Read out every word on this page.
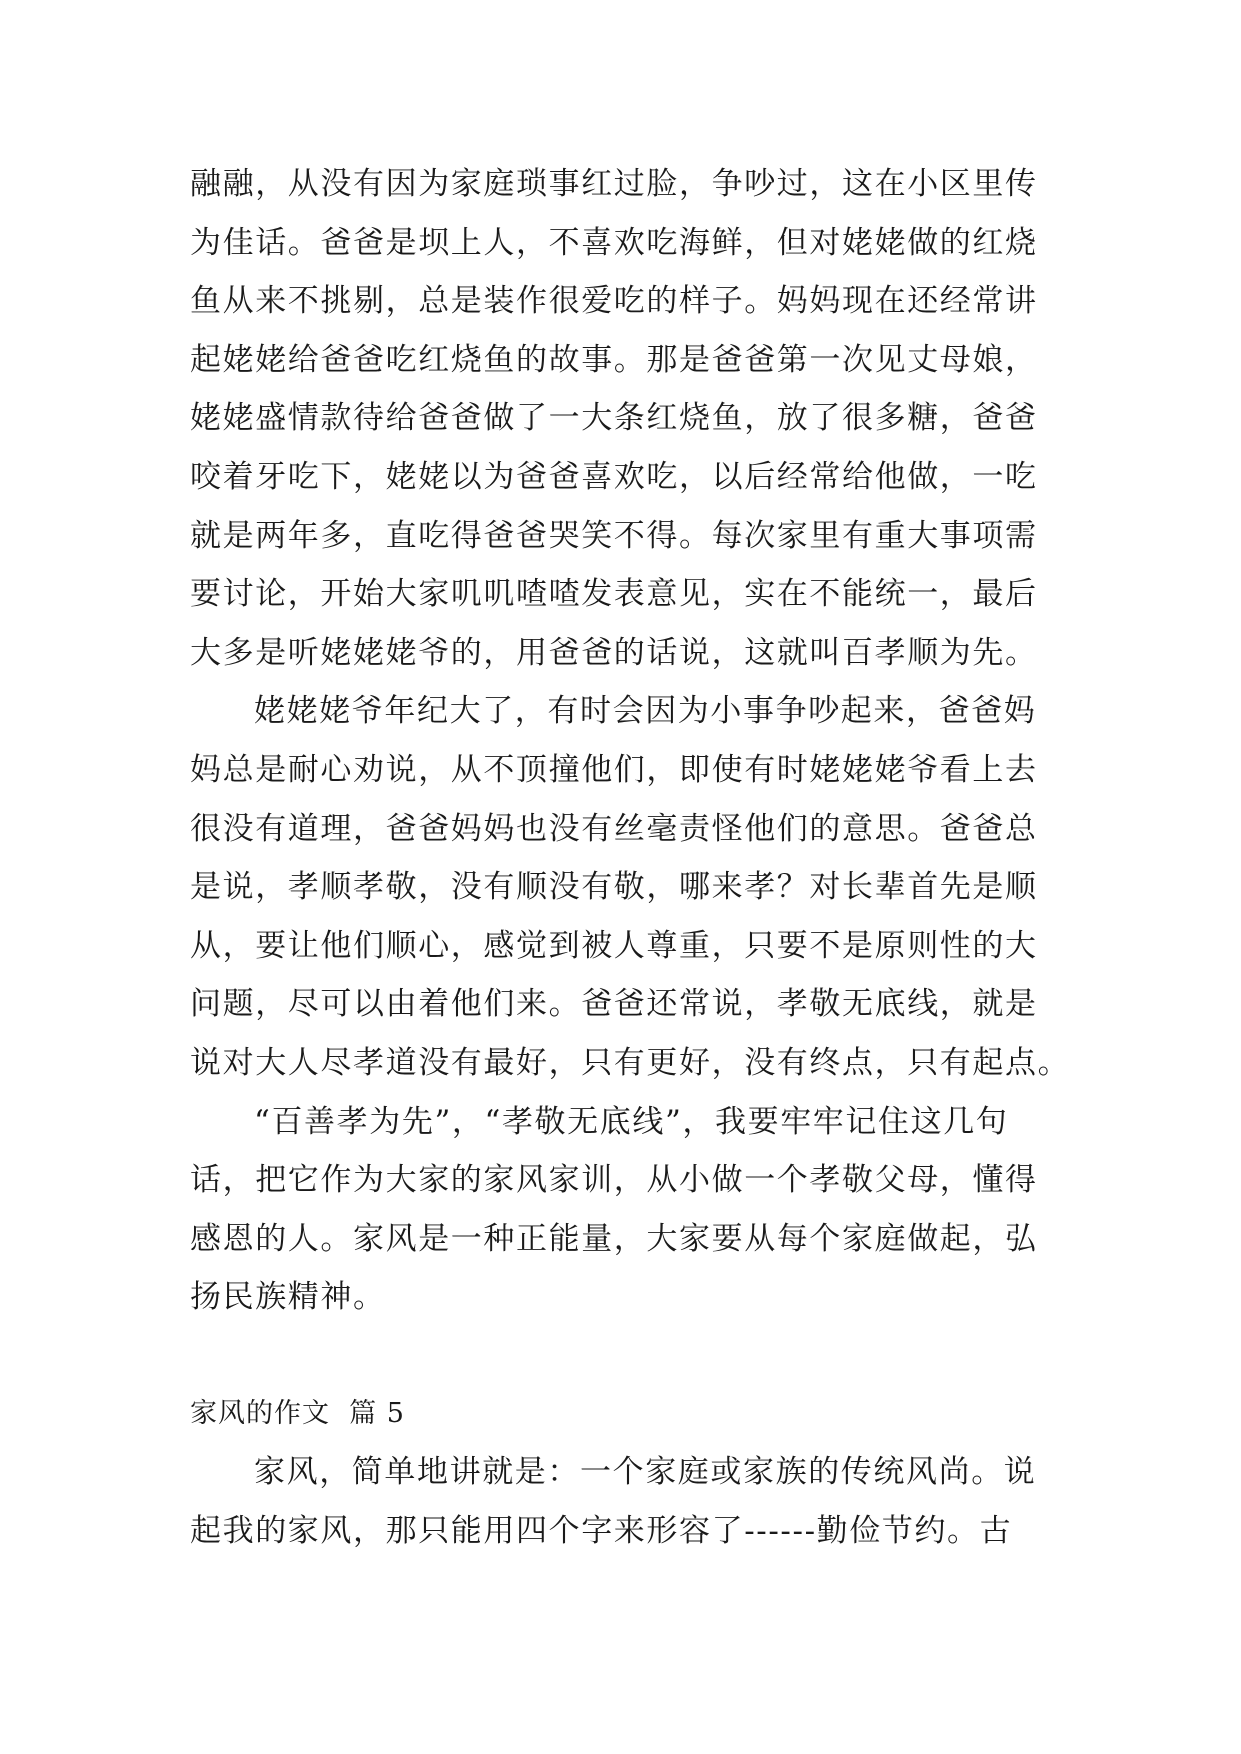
融融，从没有因为家庭琐事红过脸，争吵过，这在小区里传
为佳话。爸爸是坝上人，不喜欢吃海鲜，但对姥姥做的红烧
鱼从来不挑剔，总是装作很爱吃的样子。妈妈现在还经常讲
起姥姥给爸爸吃红烧鱼的故事。那是爸爸第一次见丈母娘，
姥姥盛情款待给爸爸做了一大条红烧鱼，放了很多糖，爸爸
咬着牙吃下，姥姥以为爸爸喜欢吃，以后经常给他做，一吃
就是两年多，直吃得爸爸哭笑不得。每次家里有重大事项需
要讨论，开始大家叽叽喳喳发表意见，实在不能统一，最后
大多是听姥姥姥爷的，用爸爸的话说，这就叫百孝顺为先。
姥姥姥爷年纪大了，有时会因为小事争吵起来，爸爸妈
妈总是耐心劝说，从不顶撞他们，即使有时姥姥姥爷看上去
很没有道理，爸爸妈妈也没有丝毫责怪他们的意思。爸爸总
是说，孝顺孝敬，没有顺没有敬，哪来孝？对长辈首先是顺
从，要让他们顺心，感觉到被人尊重，只要不是原则性的大
问题，尽可以由着他们来。爸爸还常说，孝敬无底线，就是
说对大人尽孝道没有最好，只有更好，没有终点，只有起点。
“百善孝为先”，“孝敬无底线”，我要牢牢记住这几句
话，把它作为大家的家风家训，从小做一个孝敬父母，懂得
感恩的人。家风是一种正能量，大家要从每个家庭做起，弘
扬民族精神。
家风的作文  篇 5
家风，简单地讲就是：一个家庭或家族的传统风尚。说
起我的家风，那只能用四个字来形容了------勤俭节约。古
